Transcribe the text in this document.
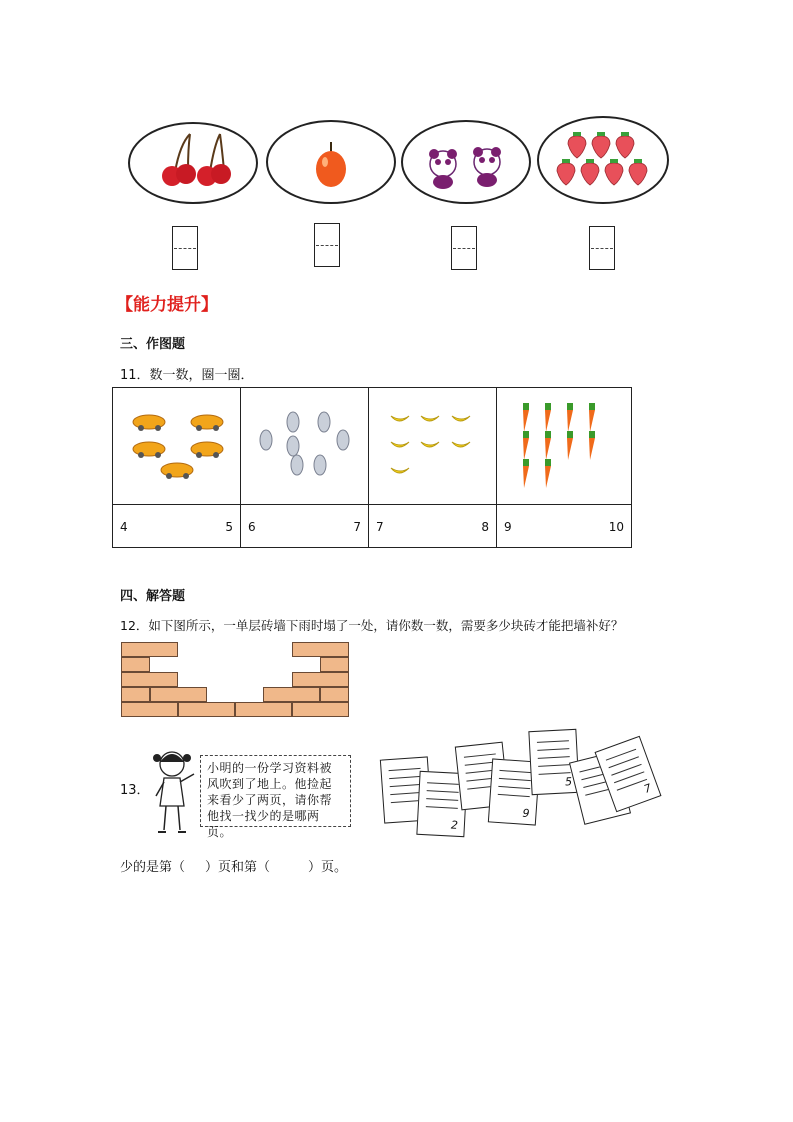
【能力提升】
三、作图题
11．数一数，圈一圈．

4 5	6 7	7 8	9 10
四、解答题
12．如下图所示，一单层砖墙下雨时塌了一处，请你数一数，需要多少块砖才能把墙补好？
13．
小明的一份学习资料被风吹到了地上。他捡起来看少了两页，请你帮他找一找少的是哪两页。	2
9
5	7
少的是第（ ）页和第（	）页。
